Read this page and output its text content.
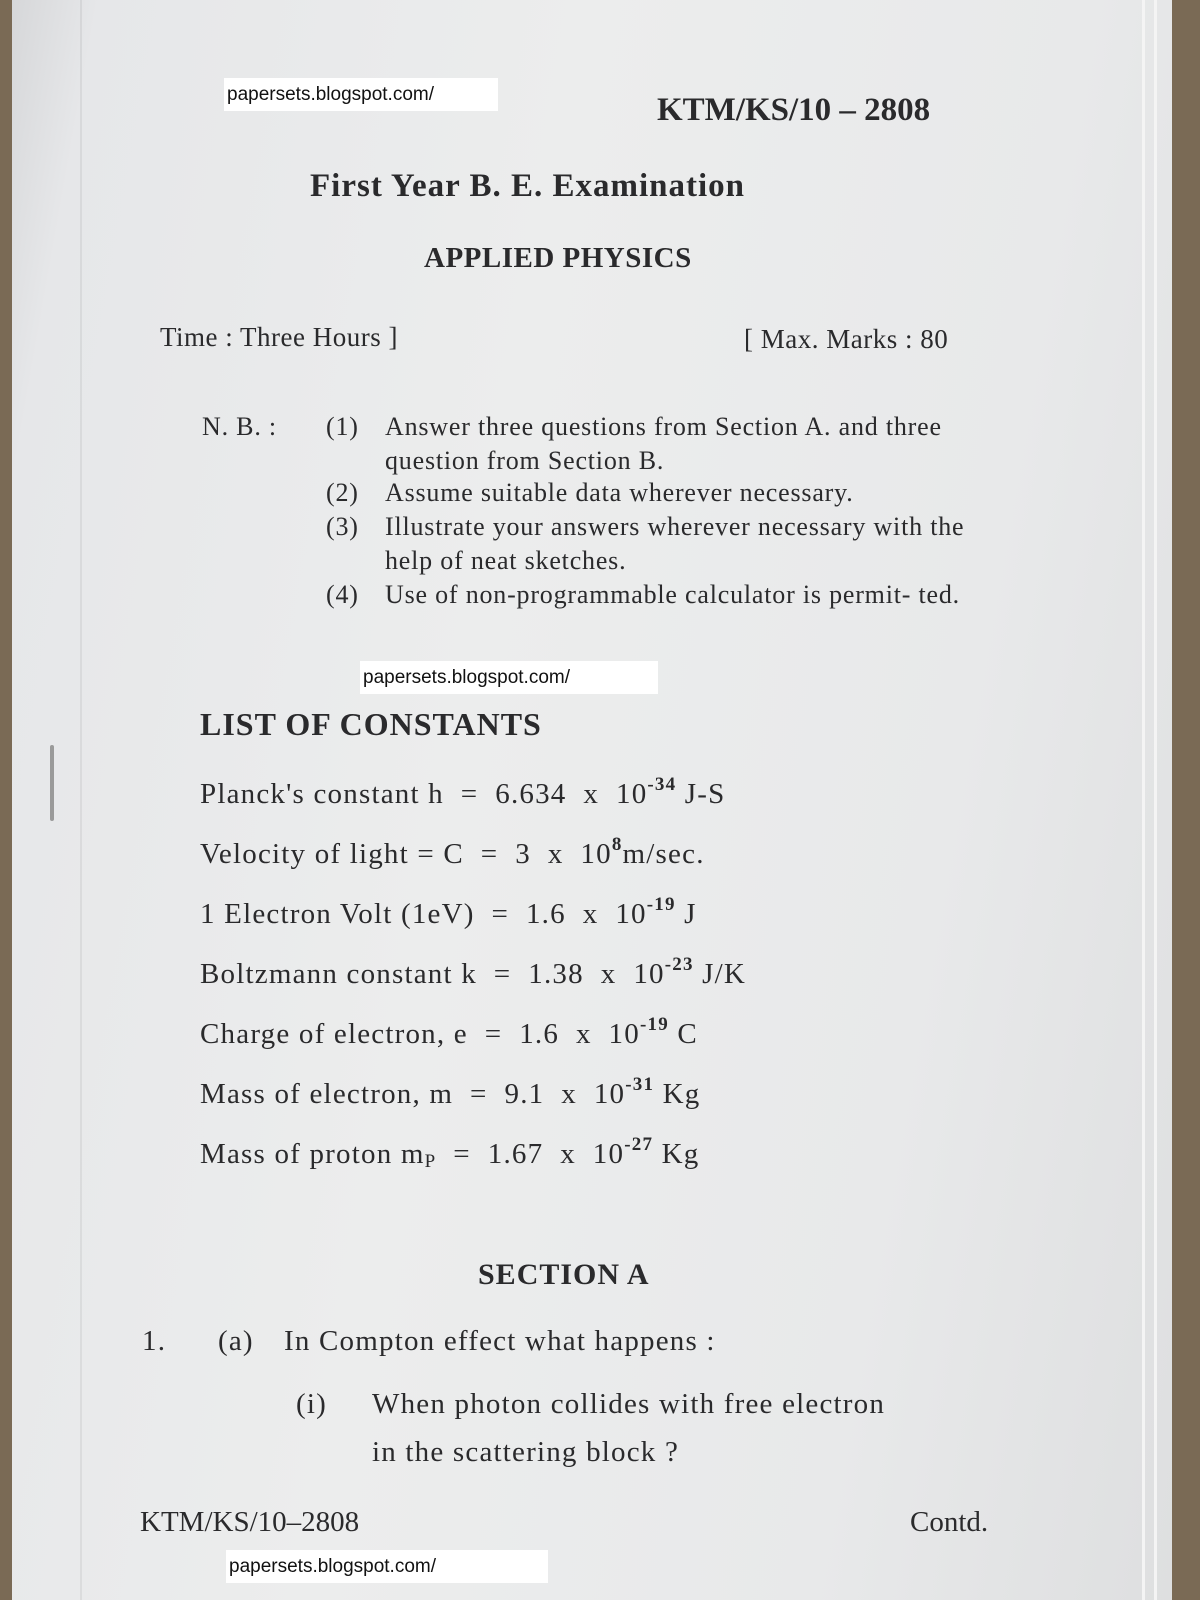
papersets.blogspot.com/
papersets.blogspot.com/
papersets.blogspot.com/
KTM/KS/10 – 2808
First Year B. E. Examination
APPLIED PHYSICS
Time : Three Hours ]	[ Max. Marks : 80
N. B. : (1) Answer three questions from Section A. and three question from Section B.
(2) Assume suitable data wherever necessary.
(3) Illustrate your answers wherever necessary with the help of neat sketches.
(4) Use of non-programmable calculator is permit- ted.
LIST OF CONSTANTS
Planck's constant h  =  6.634  x  $10^{-34}$ J-S
Velocity of light = C  =  3  x  $10^8m/\sec$.
1 Electron Volt (1eV)  =  1.6  x  $10^{-19}$ J
Boltzmann constant k  =  1.38  x  $10^{-23}$ J/K
Charge of electron, e  =  1.6  x  $10^{-19}$ C
Mass of electron, m  =  9.1  x  $10^{-31}$ Kg
Mass of proton $m_P = 1.67$  x  $10^{-27}$ Kg
SECTION A
1. (a) In Compton effect what happens :
(i) When photon collides with free electron
in the scattering block ?
KTM/KS/10–2808	Contd.
